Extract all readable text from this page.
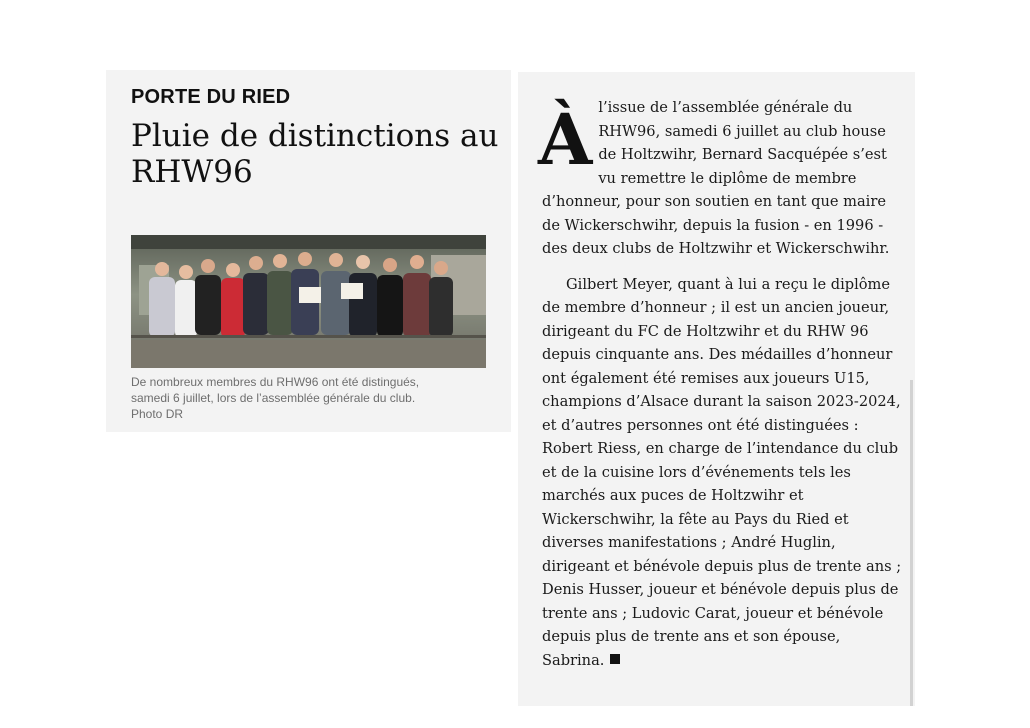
PORTE DU RIED
Pluie de distinctions au RHW96
De nombreux membres du RHW96 ont été distingués,
samedi 6 juillet, lors de l’assemblée générale du club.
Photo DR

Àl’issue de l’assemblée générale du RHW96, samedi 6 juillet au club house de Holtzwihr, Bernard Sacquépée s’est vu remettre le diplôme de membre d’honneur, pour son soutien en tant que maire de Wickerschwihr, depuis la fusion - en 1996 - des deux clubs de Holtzwihr et Wickerschwihr.

Gilbert Meyer, quant à lui a reçu le diplôme de membre d’honneur ; il est un ancien joueur, dirigeant du FC de Holtzwihr et du RHW 96 depuis cinquante ans. Des médailles d’honneur ont également été remises aux joueurs U15, champions d’Alsace durant la saison 2023-2024, et d’autres personnes ont été distinguées : Robert Riess, en charge de l’intendance du club et de la cuisine lors d’événements tels les marchés aux puces de Holtzwihr et Wickerschwihr, la fête au Pays du Ried et diverses manifestations ; André Huglin, dirigeant et bénévole depuis plus de trente ans ; Denis Husser, joueur et bénévole depuis plus de trente ans ; Ludovic Carat, joueur et bénévole depuis plus de trente ans et son épouse, Sabrina.
